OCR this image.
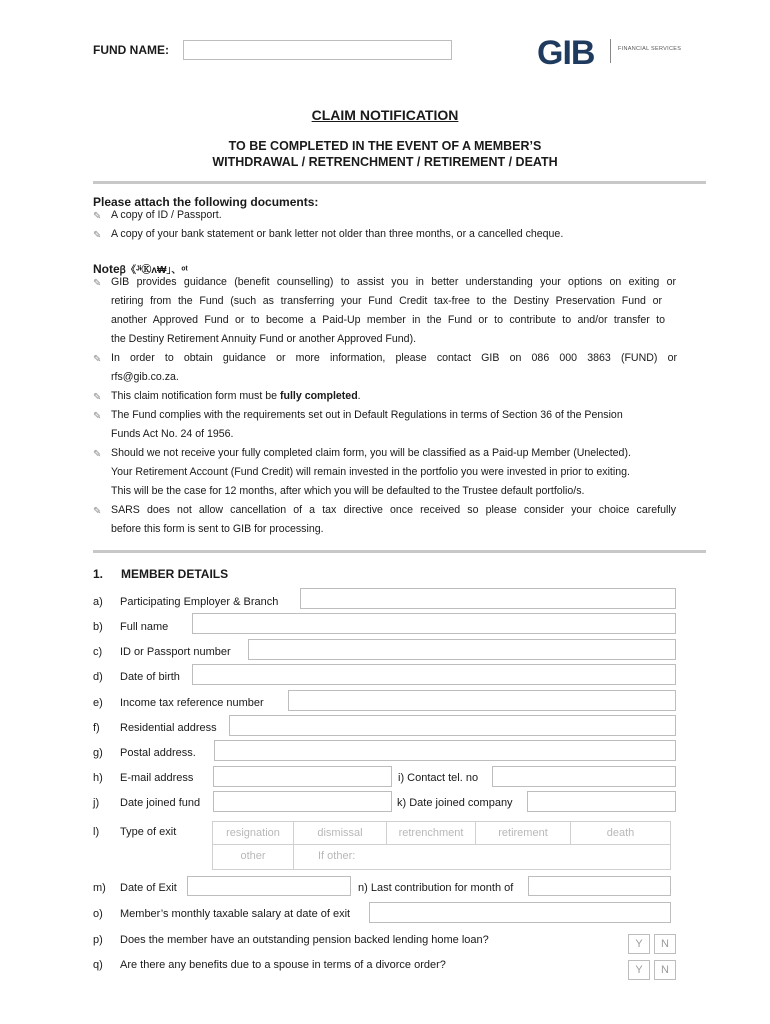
FUND NAME:	GIB	FINANCIAL SERVICES
CLAIM NOTIFICATION
TO BE COMPLETED IN THE EVENT OF A MEMBER’S
WITHDRAWAL / RETRENCHMENT / RETIREMENT / DEATH
Please attach the following documents:
✎ A copy of ID / Passport.
✎ A copy of your bank statement or bank letter not older than three months, or a cancelled cheque.
Noteꞵ《ᴶᶤⓀᴧ₩」、ᵒᵗ
✎ GIB provides guidance (benefit counselling) to assist you in better understanding your options on exiting or
retiring from the Fund (such as transferring your Fund Credit tax-free to the Destiny Preservation Fund or
another Approved Fund or to become a Paid-Up member in the Fund or to contribute to and/or transfer to
the Destiny Retirement Annuity Fund or another Approved Fund).
✎ In order to obtain guidance or more information, please contact GIB on 086 000 3863 (FUND) or
rfs@gib.co.za.
✎ This claim notification form must be fully completed.
✎ The Fund complies with the requirements set out in Default Regulations in terms of Section 36 of the Pension
Funds Act No. 24 of 1956.
✎ Should we not receive your fully completed claim form, you will be classified as a Paid-up Member (Unelected).
Your Retirement Account (Fund Credit) will remain invested in the portfolio you were invested in prior to exiting.
This will be the case for 12 months, after which you will be defaulted to the Trustee default portfolio/s.
✎ SARS does not allow cancellation of a tax directive once received so please consider your choice carefully
before this form is sent to GIB for processing.
1. MEMBER DETAILS
a) Participating Employer & Branch
b) Full name
c) ID or Passport number
d) Date of birth
e) Income tax reference number
f) Residential address
g) Postal address.
h) E-mail address	i) Contact tel. no
j) Date joined fund	k) Date joined company
l) Type of exit	resignation	dismissal	retrenchment	retirement	death
other	If other:
m) Date of Exit	n) Last contribution for month of
o) Member’s monthly taxable salary at date of exit
p) Does the member have an outstanding pension backed lending home loan?	Y	N
q) Are there any benefits due to a spouse in terms of a divorce order?	Y	N
